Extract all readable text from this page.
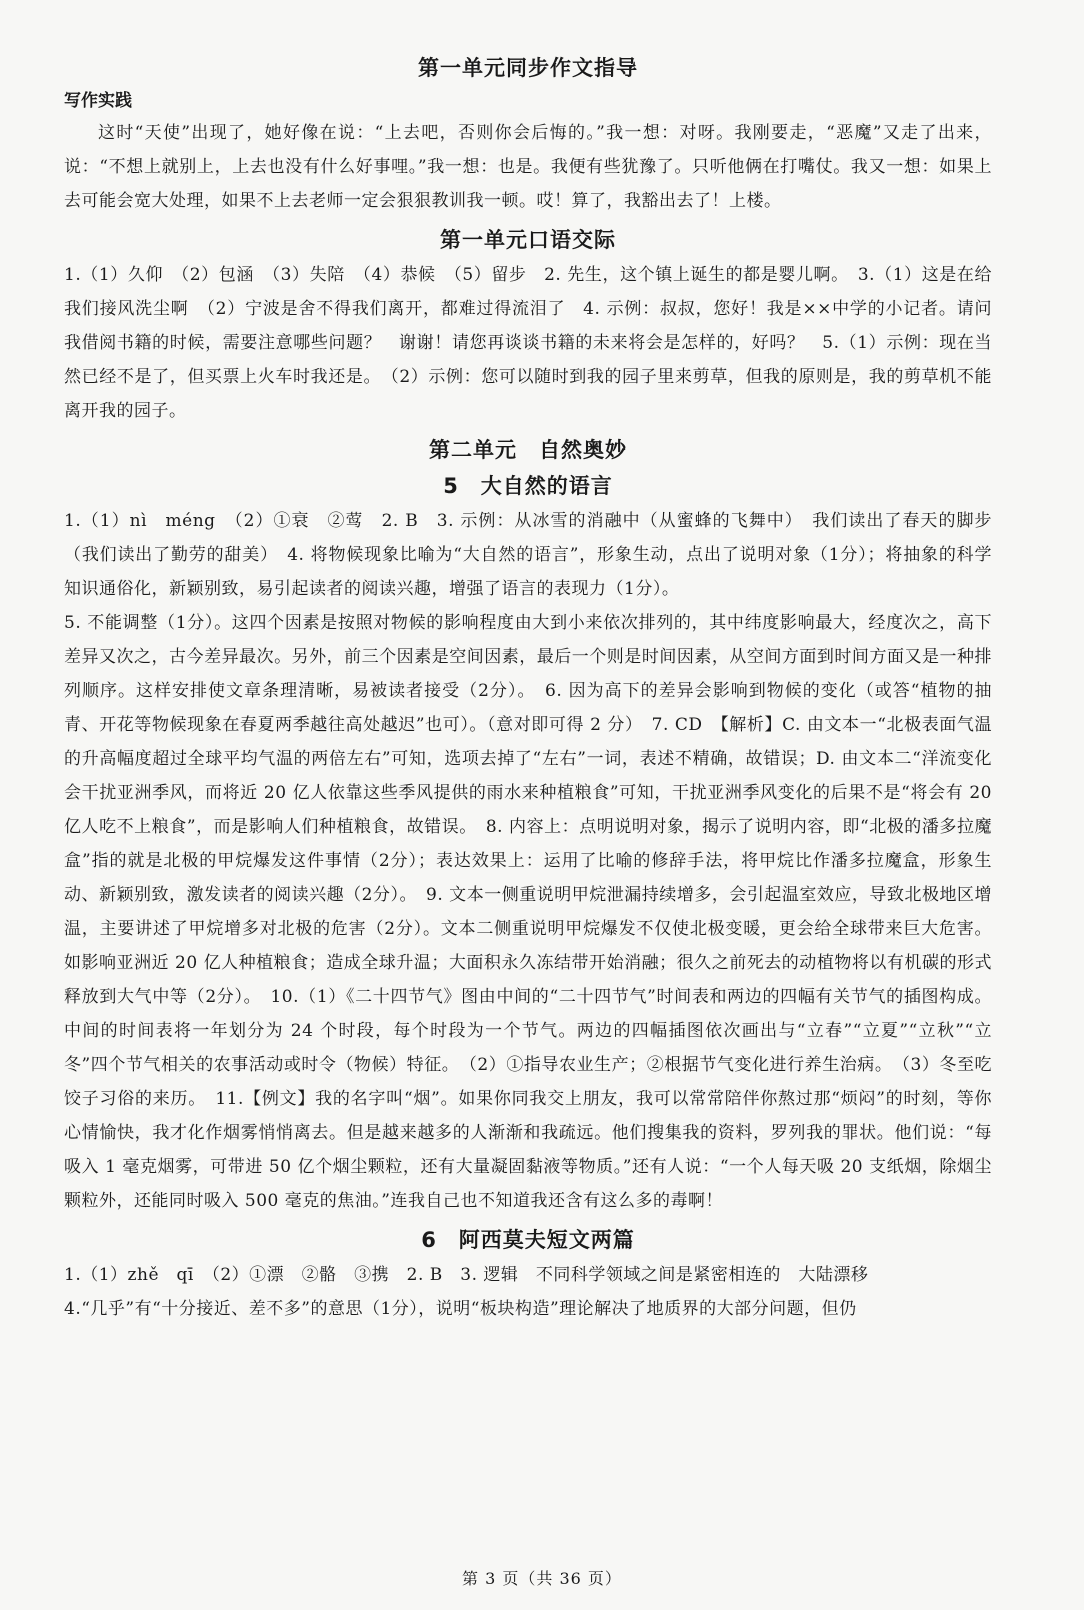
第一单元同步作文指导
写作实践

这时“天使”出现了，她好像在说：“上去吧，否则你会后悔的。”我一想：对呀。我刚要走，“恶魔”又走了出来，说：“不想上就别上，上去也没有什么好事哩。”我一想：也是。我便有些犹豫了。只听他俩在打嘴仗。我又一想：如果上去可能会宽大处理，如果不上去老师一定会狠狠教训我一顿。哎！算了，我豁出去了！上楼。

第一单元口语交际

1.（1）久仰　（2）包涵　（3）失陪　（4）恭候　（5）留步　2. 先生，这个镇上诞生的都是婴儿啊。　3.（1）这是在给我们接风洗尘啊　（2）宁波是舍不得我们离开，都难过得流泪了　4. 示例：叔叔，您好！我是××中学的小记者。请问我借阅书籍的时候，需要注意哪些问题？　谢谢！请您再谈谈书籍的未来将会是怎样的，好吗？　5.（1）示例：现在当然已经不是了，但买票上火车时我还是。　（2）示例：您可以随时到我的园子里来剪草，但我的原则是，我的剪草机不能离开我的园子。

第二单元　自然奥妙
5　大自然的语言

1.（1）nì　méng　（2）①衰　②莺　2. B　3. 示例：从冰雪的消融中（从蜜蜂的飞舞中）　我们读出了春天的脚步（我们读出了勤劳的甜美）　4. 将物候现象比喻为“大自然的语言”，形象生动，点出了说明对象（1分）；将抽象的科学知识通俗化，新颖别致，易引起读者的阅读兴趣，增强了语言的表现力（1分）。

5. 不能调整（1分）。这四个因素是按照对物候的影响程度由大到小来依次排列的，其中纬度影响最大，经度次之，高下差异又次之，古今差异最次。另外，前三个因素是空间因素，最后一个则是时间因素，从空间方面到时间方面又是一种排列顺序。这样安排使文章条理清晰，易被读者接受（2分）。　6. 因为高下的差异会影响到物候的变化（或答“植物的抽青、开花等物候现象在春夏两季越往高处越迟”也可）。（意对即可得 2 分）　7. CD　【解析】C. 由文本一“北极表面气温的升高幅度超过全球平均气温的两倍左右”可知，选项去掉了“左右”一词，表述不精确，故错误；D. 由文本二“洋流变化会干扰亚洲季风，而将近 20 亿人依靠这些季风提供的雨水来种植粮食”可知，干扰亚洲季风变化的后果不是“将会有 20 亿人吃不上粮食”，而是影响人们种植粮食，故错误。　8. 内容上：点明说明对象，揭示了说明内容，即“北极的潘多拉魔盒”指的就是北极的甲烷爆发这件事情（2分）；表达效果上：运用了比喻的修辞手法，将甲烷比作潘多拉魔盒，形象生动、新颖别致，激发读者的阅读兴趣（2分）。　9. 文本一侧重说明甲烷泄漏持续增多，会引起温室效应，导致北极地区增温，主要讲述了甲烷增多对北极的危害（2分）。文本二侧重说明甲烷爆发不仅使北极变暖，更会给全球带来巨大危害。如影响亚洲近 20 亿人种植粮食；造成全球升温；大面积永久冻结带开始消融；很久之前死去的动植物将以有机碳的形式释放到大气中等（2分）。　10.（1）《二十四节气》图由中间的“二十四节气”时间表和两边的四幅有关节气的插图构成。中间的时间表将一年划分为 24 个时段，每个时段为一个节气。两边的四幅插图依次画出与“立春”“立夏”“立秋”“立冬”四个节气相关的农事活动或时令（物候）特征。　（2）①指导农业生产；②根据节气变化进行养生治病。　（3）冬至吃饺子习俗的来历。　11.【例文】我的名字叫“烟”。如果你同我交上朋友，我可以常常陪伴你熬过那“烦闷”的时刻，等你心情愉快，我才化作烟雾悄悄离去。但是越来越多的人渐渐和我疏远。他们搜集我的资料，罗列我的罪状。他们说：“每吸入 1 毫克烟雾，可带进 50 亿个烟尘颗粒，还有大量凝固黏液等物质。”还有人说：“一个人每天吸 20 支纸烟，除烟尘颗粒外，还能同时吸入 500 毫克的焦油。”连我自己也不知道我还含有这么多的毒啊！

6　阿西莫夫短文两篇

1.（1）zhě　qī　（2）①漂　②骼　③携　2. B　3. 逻辑　不同科学领域之间是紧密相连的　大陆漂移

4.“几乎”有“十分接近、差不多”的意思（1分），说明“板块构造”理论解决了地质界的大部分问题，但仍

第 3 页（共 36 页）
